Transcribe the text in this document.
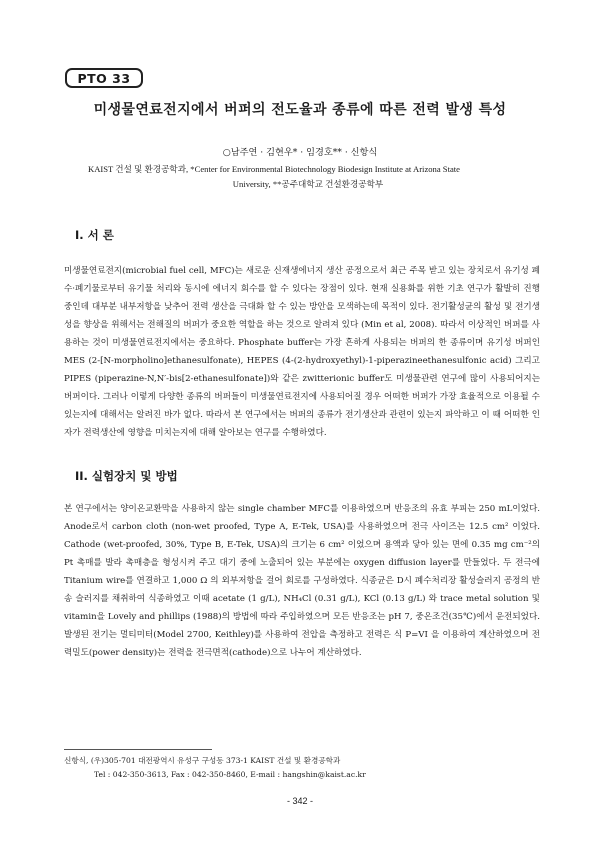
PTO 33
미생물연료전지에서 버퍼의 전도율과 종류에 따른 전력 발생 특성
○남주연 · 김현우* · 임경호** · 신항식
KAIST 건설 및 환경공학과, *Center for Environmental Biotechnology Biodesign Institute at Arizona State
University, **공주대학교 건설환경공학부
I. 서 론
미생물연료전지(microbial fuel cell, MFC)는 새로운 신재생에너지 생산 공정으로서 최근 주목 받고 있는 장치로서 유기성 폐수·폐기물로부터 유기물 처리와 동시에 에너지 회수를 할 수 있다는 장점이 있다. 현재 실용화를 위한 기초 연구가 활발히 진행 중인데 대부분 내부저항을 낮추어 전력 생산을 극대화 할 수 있는 방안을 모색하는데 목적이 있다. 전기활성균의 활성 및 전기생성을 향상을 위해서는 전해질의 버퍼가 중요한 역할을 하는 것으로 알려져 있다 (Min et al, 2008). 따라서 이상적인 버퍼를 사용하는 것이 미생물연료전지에서는 중요하다. Phosphate buffer는 가장 흔하게 사용되는 버퍼의 한 종류이며 유기성 버퍼인 MES (2-[N-morpholino]ethanesulfonate), HEPES (4-(2-hydroxyethyl)-1-piperazineethanesulfonic acid) 그리고 PIPES (piperazine-N,N′-bis[2-ethanesulfonate])와 같은 zwitterionic buffer도 미생물관련 연구에 많이 사용되어지는 버퍼이다. 그러나 이렇게 다양한 종류의 버퍼들이 미생물연료전지에 사용되어질 경우 어떠한 버퍼가 가장 효율적으로 이용될 수 있는지에 대해서는 알려진 바가 없다. 따라서 본 연구에서는 버퍼의 종류가 전기생산과 관련이 있는지 파악하고 이 때 어떠한 인자가 전력생산에 영향을 미치는지에 대해 알아보는 연구를 수행하였다.
II. 실험장치 및 방법
본 연구에서는 양이온교환막을 사용하지 않는 single chamber MFC를 이용하였으며 반응조의 유효 부피는 250 mL이었다. Anode로서 carbon cloth (non-wet proofed, Type A, E-Tek, USA)를 사용하였으며 전극 사이즈는 12.5 cm² 이었다. Cathode (wet-proofed, 30%, Type B, E-Tek, USA)의 크기는 6 cm² 이었으며 용액과 닿아 있는 면에 0.35 mg cm⁻²의 Pt 촉매를 발라 촉매층을 형성시켜 주고 대기 중에 노출되어 있는 부분에는 oxygen diffusion layer를 만들었다. 두 전극에 Titanium wire를 연결하고 1,000 Ω 의 외부저항을 걸어 회로를 구성하였다. 식종균은 D시 폐수처리장 활성슬러지 공정의 반송 슬러지를 채취하여 식종하였고 이때 acetate (1 g/L), NH₄Cl (0.31 g/L), KCl (0.13 g/L) 와 trace metal solution 및 vitamin을 Lovely and phillips (1988)의 방법에 따라 주입하였으며 모든 반응조는 pH 7, 중온조건(35℃)에서 운전되었다. 발생된 전기는 멀티미터(Model 2700, Keithley)를 사용하여 전압을 측정하고 전력은 식 P=VI 을 이용하여 계산하였으며 전력밀도(power density)는 전력을 전극면적(cathode)으로 나누어 계산하였다.
신항식, (우)305-701 대전광역시 유성구 구성동 373-1 KAIST 건설 및 환경공학과
Tel : 042-350-3613, Fax : 042-350-8460, E-mail : hangshin@kaist.ac.kr
- 342 -
